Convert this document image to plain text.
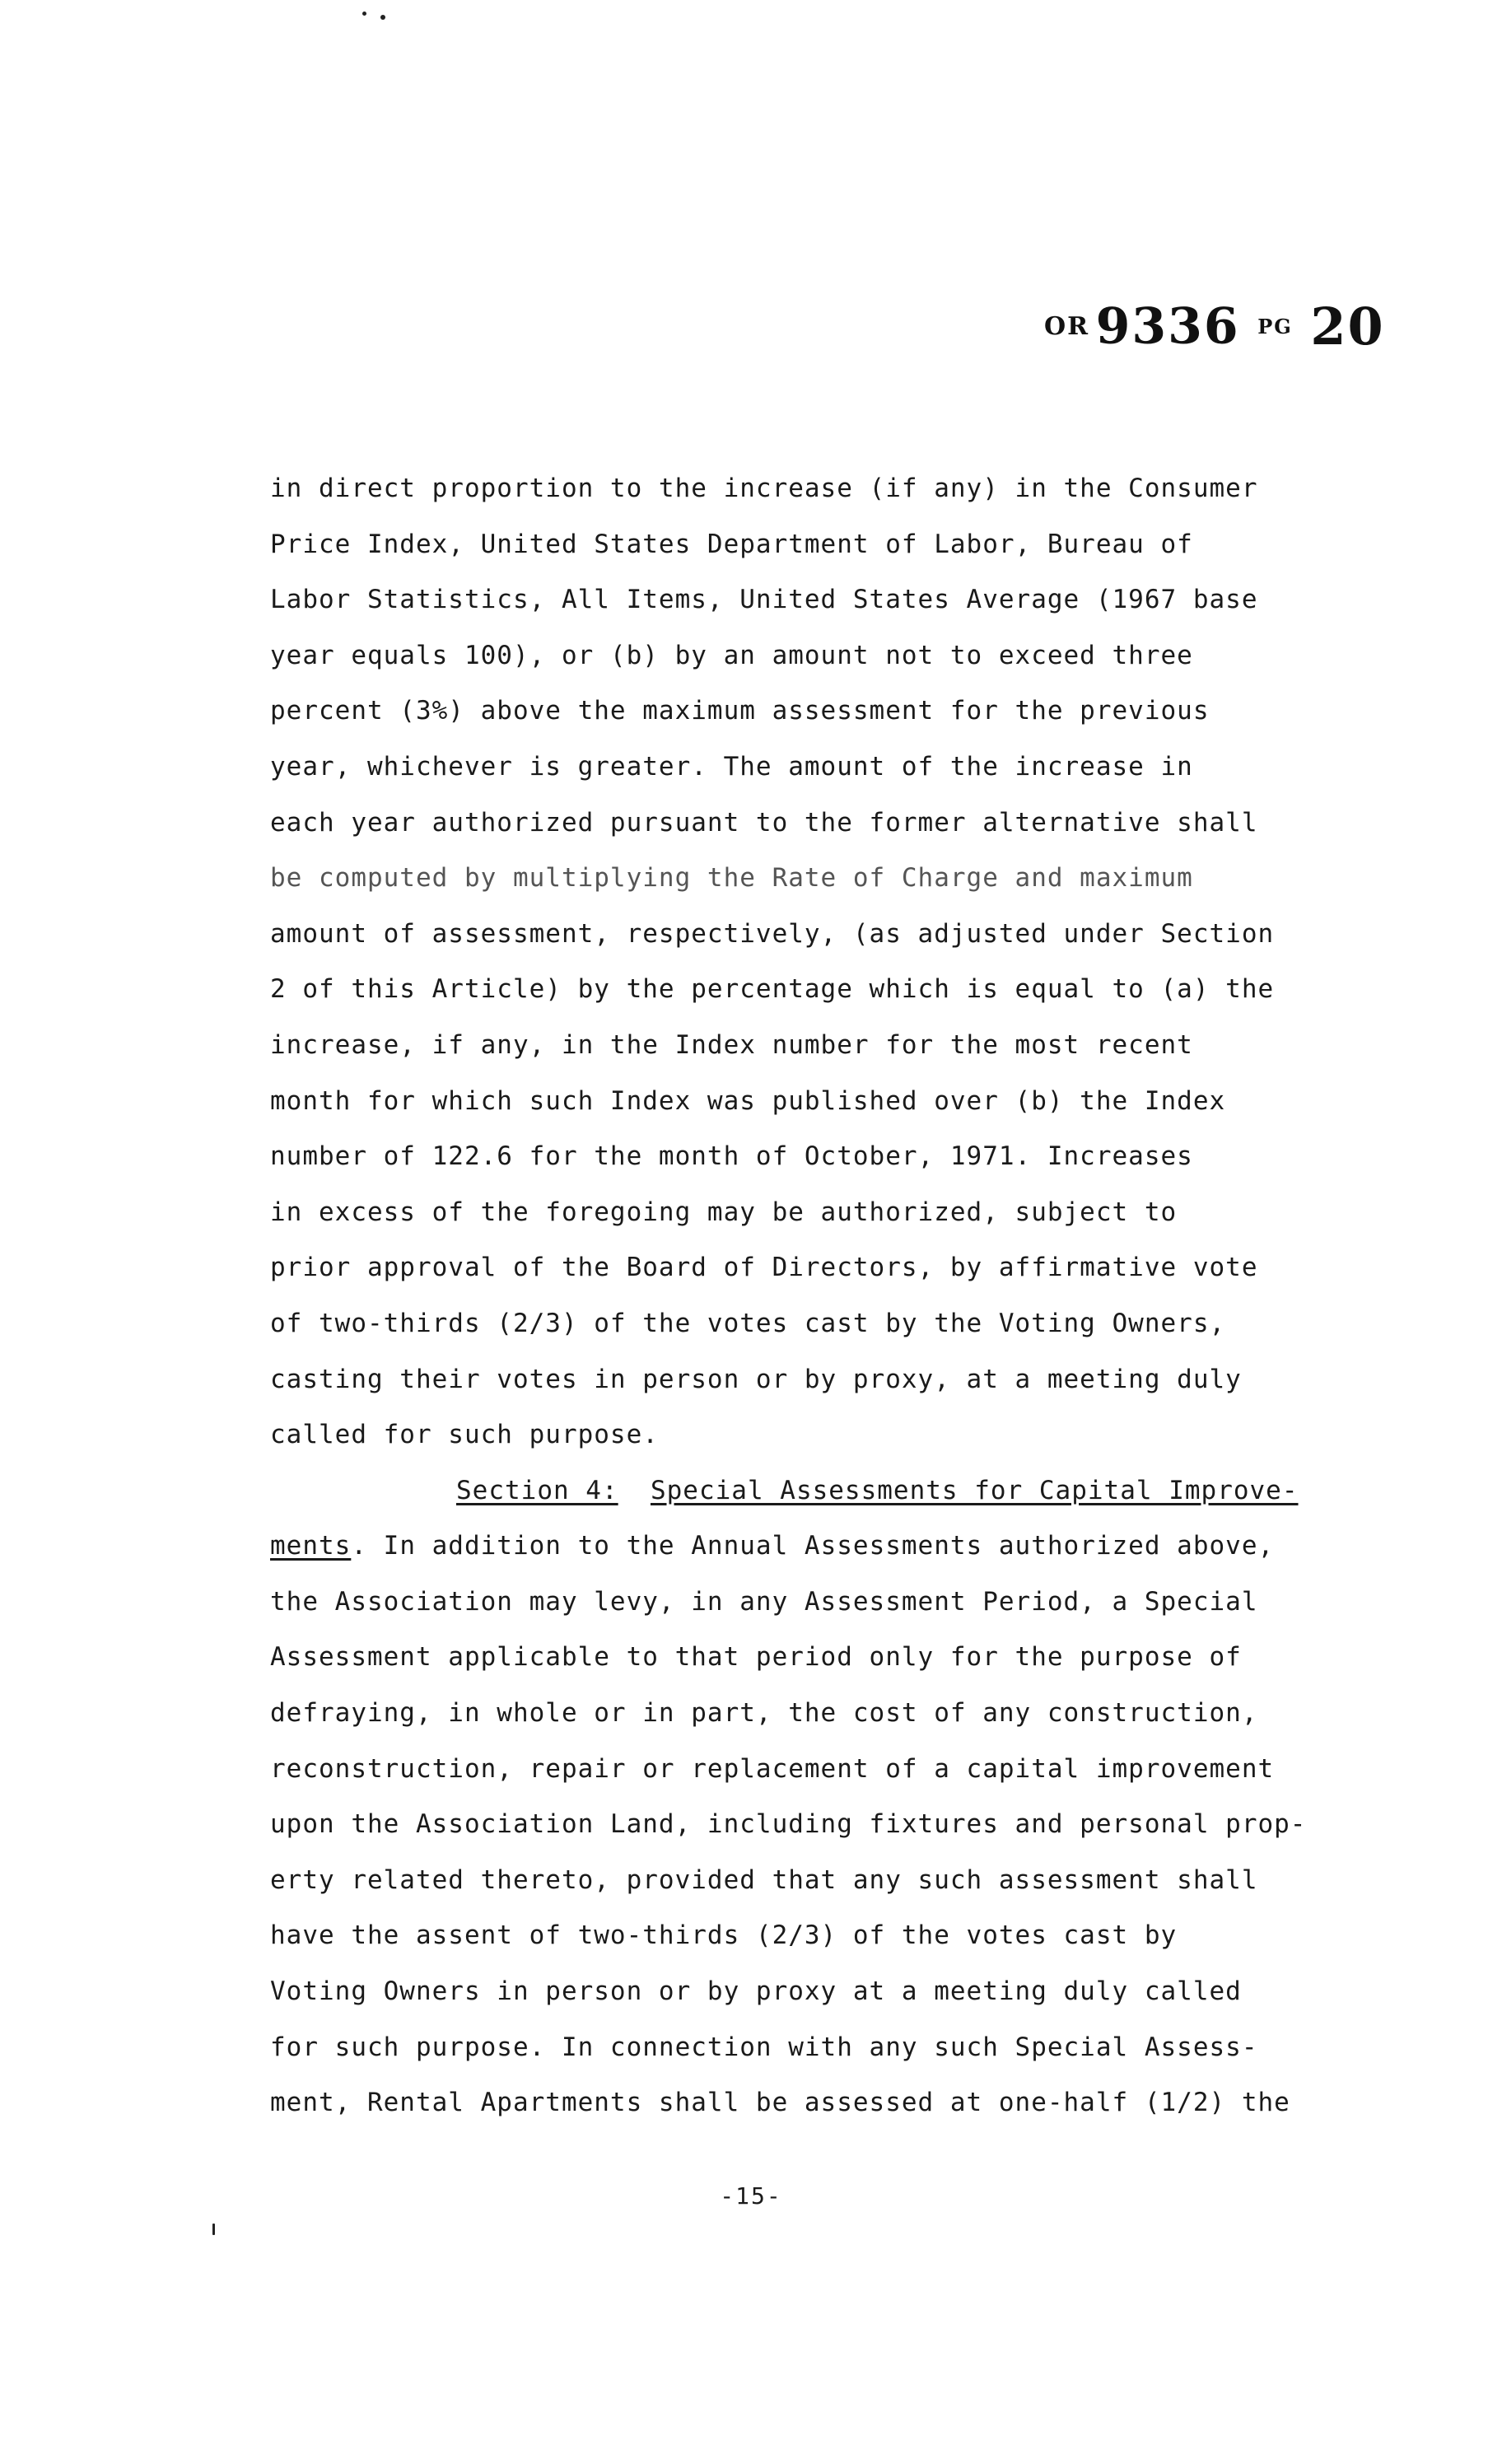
OR 9336 PG 20
in direct proportion to the increase (if any) in the Consumer
Price Index, United States Department of Labor, Bureau of
Labor Statistics, All Items, United States Average (1967 base
year equals 100), or (b) by an amount not to exceed three
percent (3%) above the maximum assessment for the previous
year, whichever is greater. The amount of the increase in
each year authorized pursuant to the former alternative shall
be computed by multiplying the Rate of Charge and maximum
amount of assessment, respectively, (as adjusted under Section
2 of this Article) by the percentage which is equal to (a) the
increase, if any, in the Index number for the most recent
month for which such Index was published over (b) the Index
number of 122.6 for the month of October, 1971. Increases
in excess of the foregoing may be authorized, subject to
prior approval of the Board of Directors, by affirmative vote
of two-thirds (2/3) of the votes cast by the Voting Owners,
casting their votes in person or by proxy, at a meeting duly
called for such purpose.
Section 4: Special Assessments for Capital Improve-
ments. In addition to the Annual Assessments authorized above,
the Association may levy, in any Assessment Period, a Special
Assessment applicable to that period only for the purpose of
defraying, in whole or in part, the cost of any construction,
reconstruction, repair or replacement of a capital improvement
upon the Association Land, including fixtures and personal prop-
erty related thereto, provided that any such assessment shall
have the assent of two-thirds (2/3) of the votes cast by
Voting Owners in person or by proxy at a meeting duly called
for such purpose. In connection with any such Special Assess-
ment, Rental Apartments shall be assessed at one-half (1/2) the
-15-
